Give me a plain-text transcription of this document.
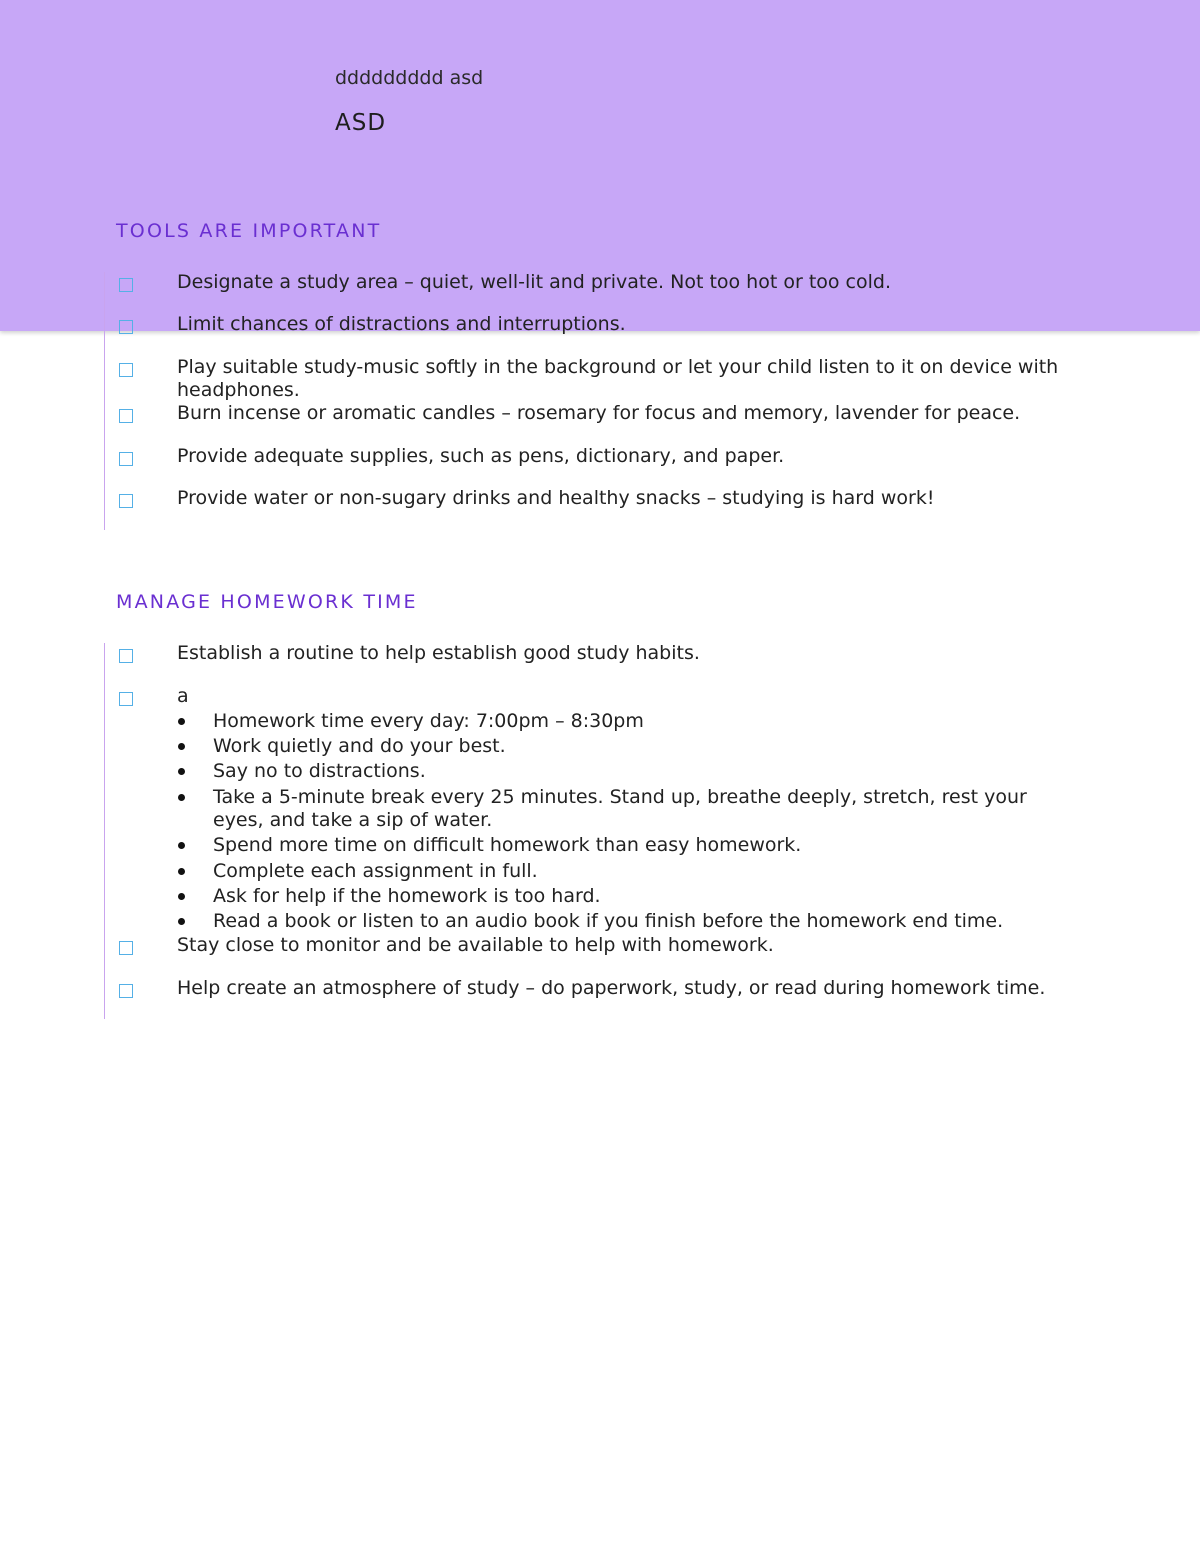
ddddddddd asd
ASD
TOOLS ARE IMPORTANT
Designate a study area – quiet, well-lit and private. Not too hot or too cold.
Limit chances of distractions and interruptions.
Play suitable study-music softly in the background or let your child listen to it on device with headphones.
Burn incense or aromatic candles – rosemary for focus and memory, lavender for peace.
Provide adequate supplies, such as pens, dictionary, and paper.
Provide water or non-sugary drinks and healthy snacks – studying is hard work!
MANAGE HOMEWORK TIME
Establish a routine to help establish good study habits.
a
Homework time every day: 7:00pm – 8:30pm
Work quietly and do your best.
Say no to distractions.
Take a 5-minute break every 25 minutes. Stand up, breathe deeply, stretch, rest your eyes, and take a sip of water.
Spend more time on difficult homework than easy homework.
Complete each assignment in full.
Ask for help if the homework is too hard.
Read a book or listen to an audio book if you finish before the homework end time.
Stay close to monitor and be available to help with homework.
Help create an atmosphere of study – do paperwork, study, or read during homework time.
